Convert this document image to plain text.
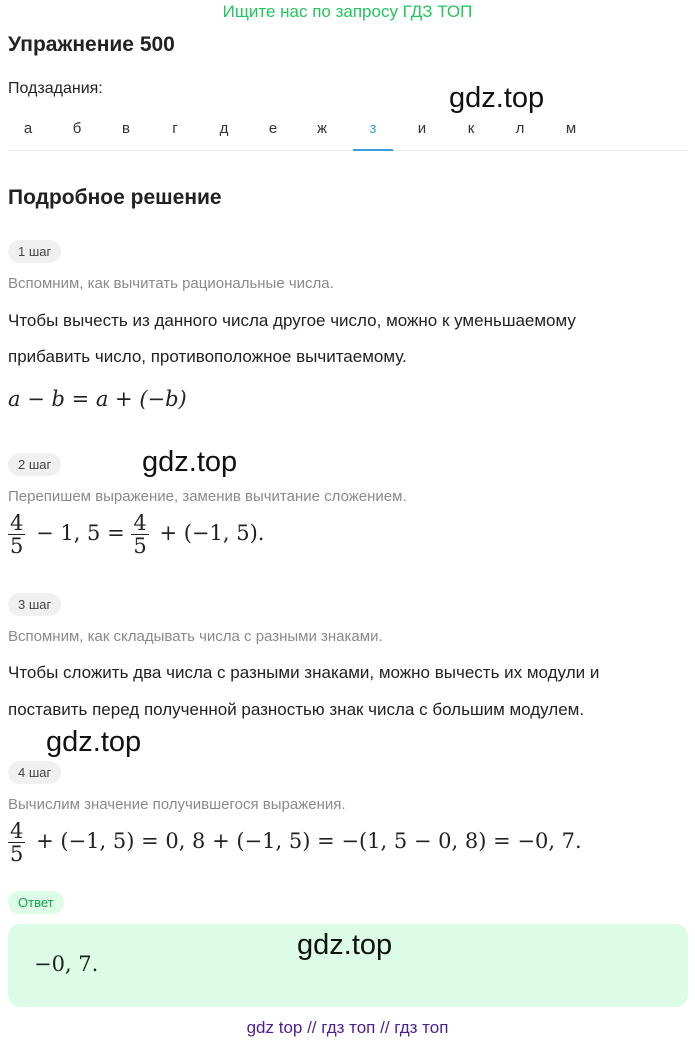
Ищите нас по запросу ГДЗ ТОП
Упражнение 500
Подзадания:	gdz.top
а	б	в	г	д	е	ж	з	и	к	л	м
Подробное решение
1 шаг
Вспомним, как вычитать рациональные числа.
Чтобы вычесть из данного числа другое число, можно к уменьшаемому
прибавить число, противоположное вычитаемому.
a − b = a + (−b)
2 шаг	gdz.top
Перепишем выражение, заменив вычитание сложением.
$\frac{4}{5} - 1$, $5 = \frac{4}{5} + (-1$, 5).
3 шаг
Вспомним, как складывать числа с разными знаками.
Чтобы сложить два числа с разными знаками, можно вычесть их модули и
поставить перед полученной разностью знак числа с большим модулем.
gdz.top
4 шаг
Вычислим значение получившегося выражения.
$\frac{4}{5} + (-1$, 5) = 0, 8 + (−1, 5) = −(1, 5 − 0, 8) = −0, 7.
Ответ
−0, 7.
gdz.top
gdz top // гдз топ // гдз топ
